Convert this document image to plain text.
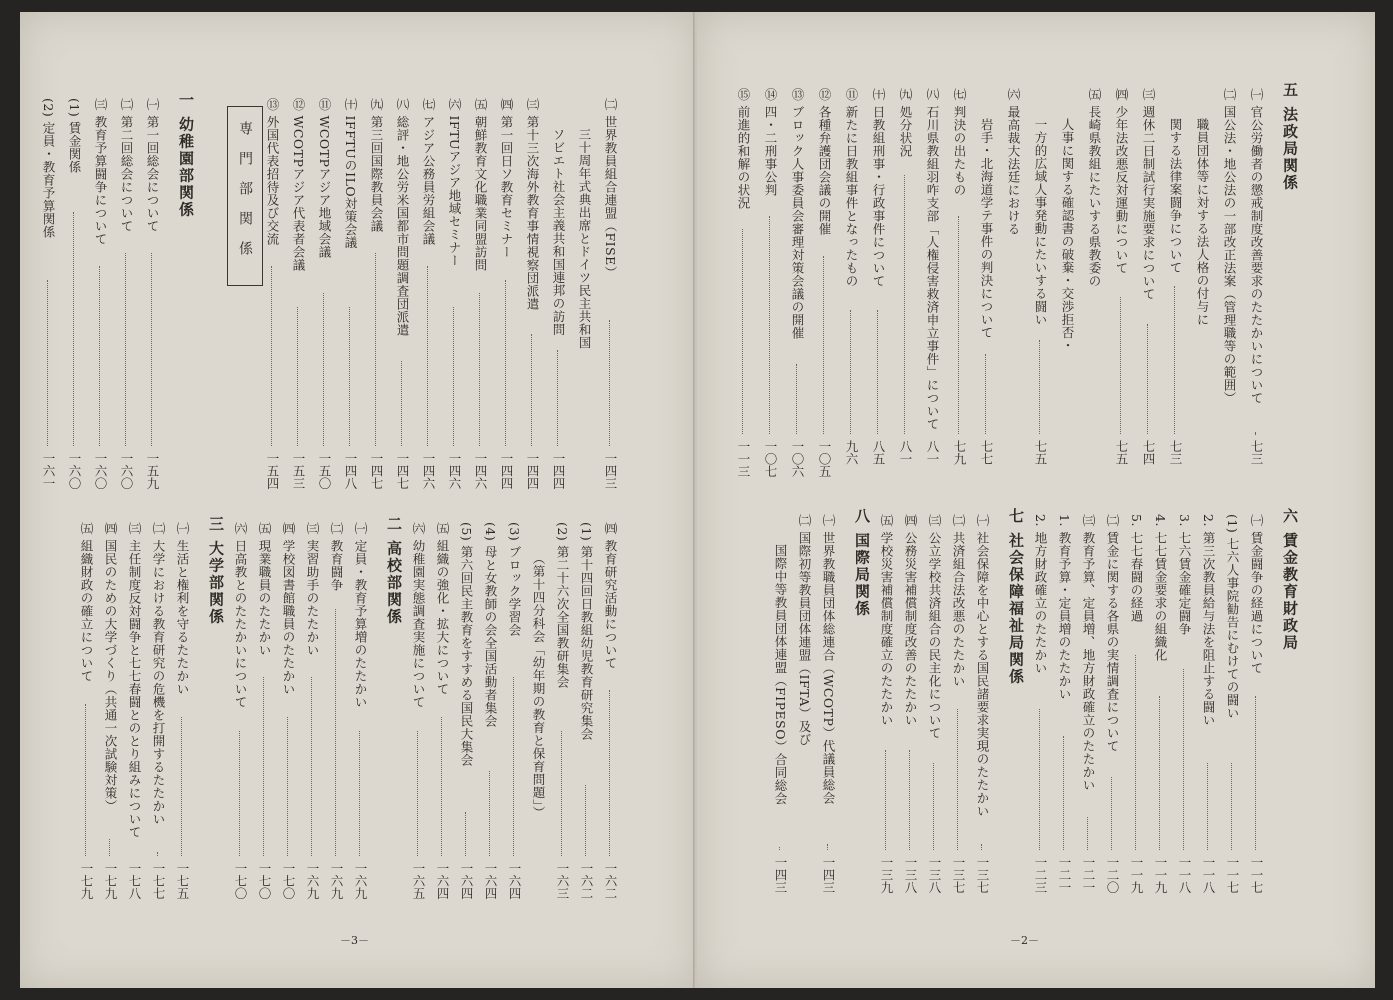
－3－	－2－
㈡ 世界教員組合連盟（FISE）
一四三
三十周年式典出席とドイツ民主共和国
ソビエト社会主義共和国連邦の訪問
一四四
㈢ 第十三次海外教育事情視察団派遣
一四四
㈣ 第一回日ソ教育セミナー
一四四
㈤ 朝鮮教育文化職業同盟訪問
一四六
㈥ IFTUアジア地域セミナー
一四六
㈦ アジア公務員労組会議
一四六
㈧ 総評・地公労米国都市問題調査団派遣
一四七
㈨ 第三回国際教員会議
一四七
㈩ IFFTUのILO対策会議
一四八
⑪ WCOTPアジア地域会議
一五〇
⑫ WCOTPアジア代表者会議
一五三
⑬ 外国代表招待及び交流
一五四
専門部関係
一 幼稚園部関係
㈠ 第一回総会について
一五九
㈡ 第二回総会について
一六〇
㈢ 教育予算闘争について
一六〇
(1) 賃金関係
一六〇
(2) 定員・教育予算関係
一六一
㈣ 教育研究活動について
一六二
(1) 第十四回日教組幼児教育研究集会
一六二
(2) 第二十六次全国教研集会
一六三
（第十四分科会「幼年期の教育と保育問題」）
(3) ブロック学習会
一六四
(4) 母と女教師の会全国活動者集会
一六四
(5) 第六回民主教育をすすめる国民大集会
一六四
㈤ 組織の強化・拡大について
一六四
㈥ 幼稚園実態調査実施について
一六五
二 高校部関係
㈠ 定員・教育予算増のたたかい
一六九
㈡ 教育闘争
一六九
㈢ 実習助手のたたかい
一六九
㈣ 学校図書館職員のたたかい
一七〇
㈤ 現業職員のたたかい
一七〇
㈥ 日高教とのたたかいについて
一七〇
三 大学部関係
㈠ 生活と権利を守るたたかい
一七五
㈡ 大学における教育研究の危機を打開するたたかい
一七七
㈢ 主任制度反対闘争と七七春闘とのとり組みについて
一七八
㈣ 国民のための大学づくり（共通一次試験対策）
一七九
㈤ 組織財政の確立について
一七九
五 法政局関係
㈠ 官公労働者の懲戒制度改善要求のたたかいについて
七三
㈡ 国公法・地公法の一部改正法案（管理職等の範囲）
職員団体等に対する法人格の付与に
関する法律案闘争について
七三
㈢ 週休二日制試行実施要求について
七四
㈣ 少年法改悪反対運動について
七五
㈤ 長崎県教組にたいする県教委の
人事に関する確認書の破棄・交渉拒否・
一方的広域人事発動にたいする闘い
七五
㈥ 最高裁大法廷における
岩手・北海道学テ事件の判決について
七七
㈦ 判決の出たもの
七九
㈧ 石川県教組羽咋支部「人権侵害救済申立事件」について
八一
㈨ 処分状況
八一
㈩ 日教組刑事・行政事件について
八五
⑪ 新たに日教組事件となったもの
九六
⑫ 各種弁護団会議の開催
一〇五
⑬ ブロック人事委員会審理対策会議の開催
一〇六
⑭ 四・二刑事公判
一〇七
⑮ 前進的和解の状況
一一三
六 賃金教育財政局
㈠ 賃金闘争の経過について
一一七
(1) 七六人事院勧告にむけての闘い
一一七
2. 第三次教員給与法を阻止する闘い
一一八
3. 七六賃金確定闘争
一一八
4. 七七賃金要求の組織化
一一九
5. 七七春闘の経過
一一九
㈡ 賃金に関する各県の実情調査について
一二〇
㈢ 教育予算、定員増、地方財政確立のたたかい
一二一
1. 教育予算・定員増のたたかい
一二一
2. 地方財政確立のたたかい
一二三
七 社会保障福祉局関係
㈠ 社会保障を中心とする国民諸要求実現のたたかい
一三七
㈡ 共済組合法改悪のたたかい
一三七
㈢ 公立学校共済組合の民主化について
一三八
㈣ 公務災害補償制度改善のたたかい
一三八
㈤ 学校災害補償制度確立のたたかい
一三九
八 国際局関係
㈠ 世界教職員団体総連合（WCOTP）代議員総会
一四三
㈡ 国際初等教員団体連盟（IFTA）及び
国際中等教員団体連盟（FIPESO）合同総会
一四三
